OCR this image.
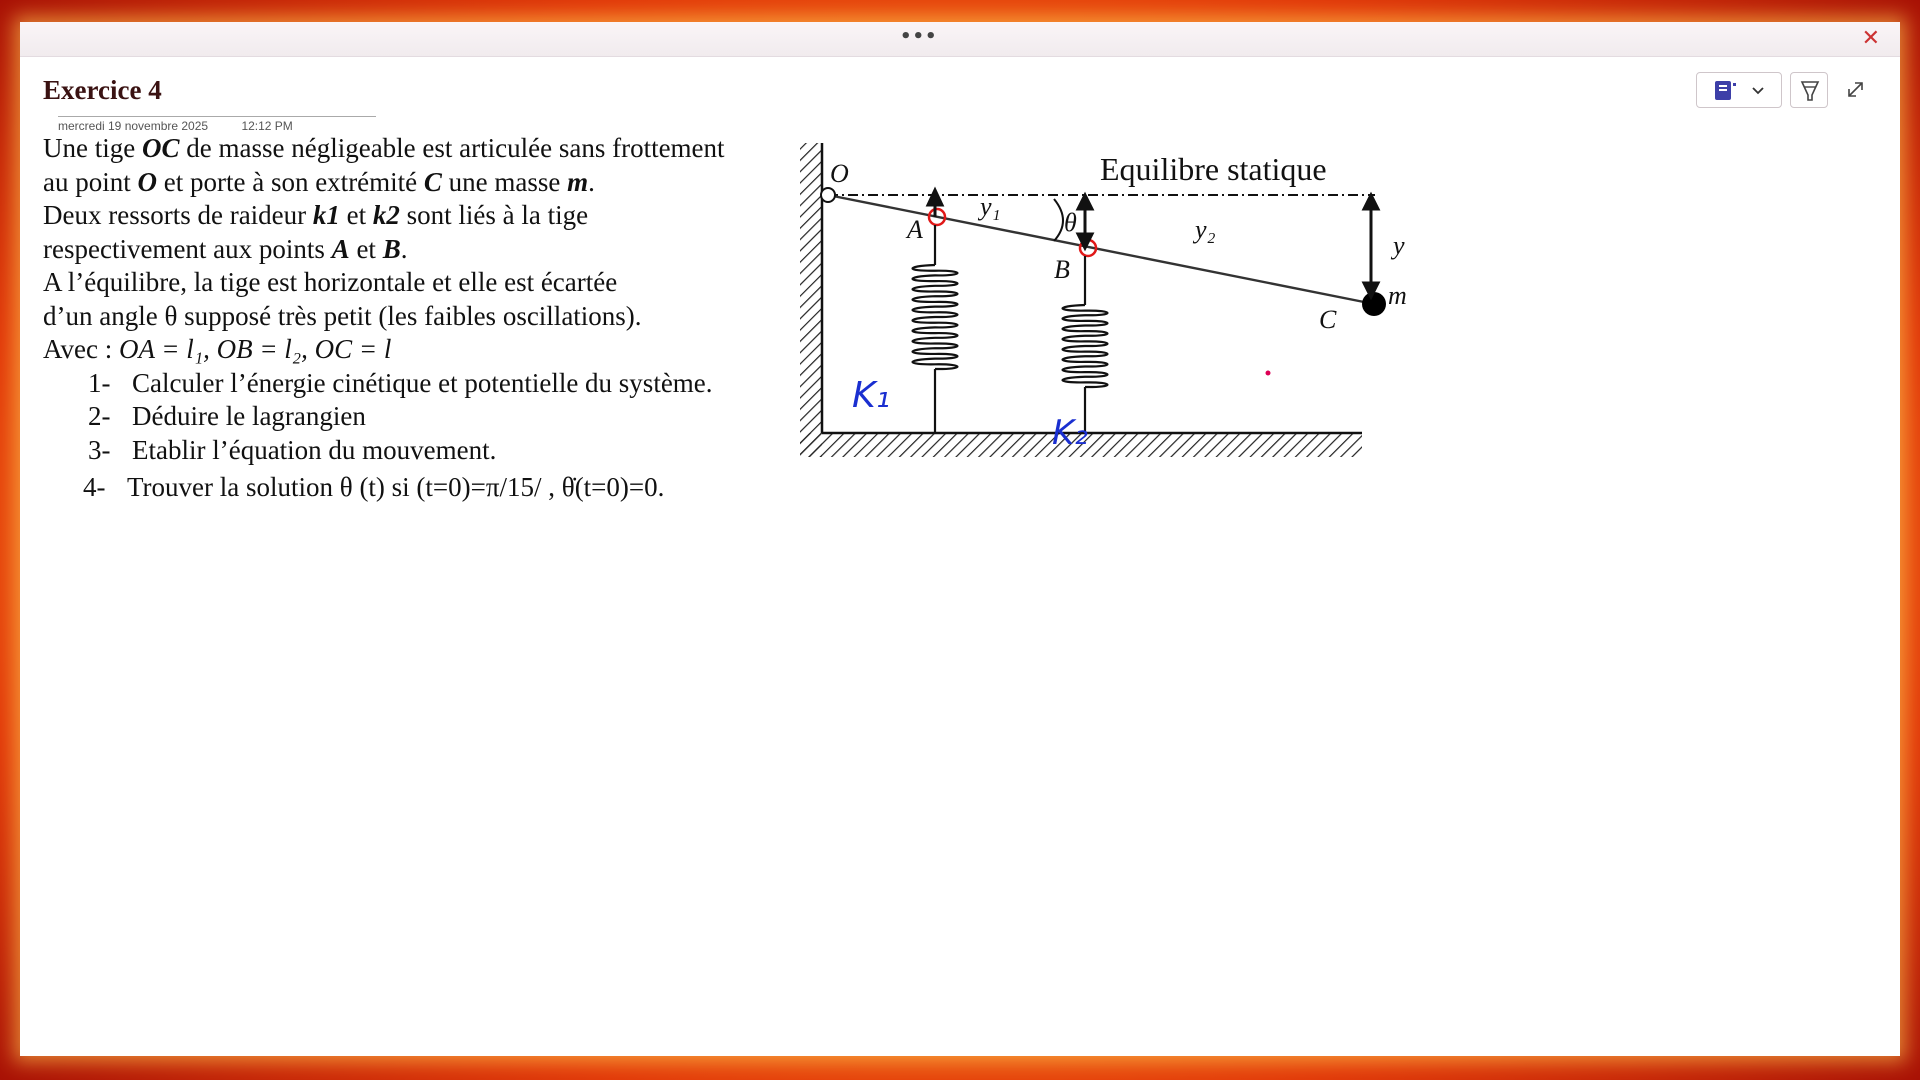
•••	✕
Exercice 4
mercredi 19 novembre 2025	12:12 PM

Une tige OC de masse négligeable est articulée sans frottement

au point O et porte à son extrémité C une masse m.

Deux ressorts de raideur k1 et k2 sont liés à la tige

respectivement aux points A et B.

A l’équilibre, la tige est horizontale et elle est écartée

d’un angle θ supposé très petit (les faibles oscillations).

Avec : OA = l₁, OB = l₂, OC = l

1- Calculer l’énergie cinétique et potentielle du système.
2- Déduire le lagrangien
3- Etablir l’équation du mouvement.
4- Trouver la solution θ (t) si (t=0)=π/15/ , θ̇(t=0)=0.
Equilibre statique
O
A
B
C
m
y₁
y₂
y
θ
K₁
K₂
